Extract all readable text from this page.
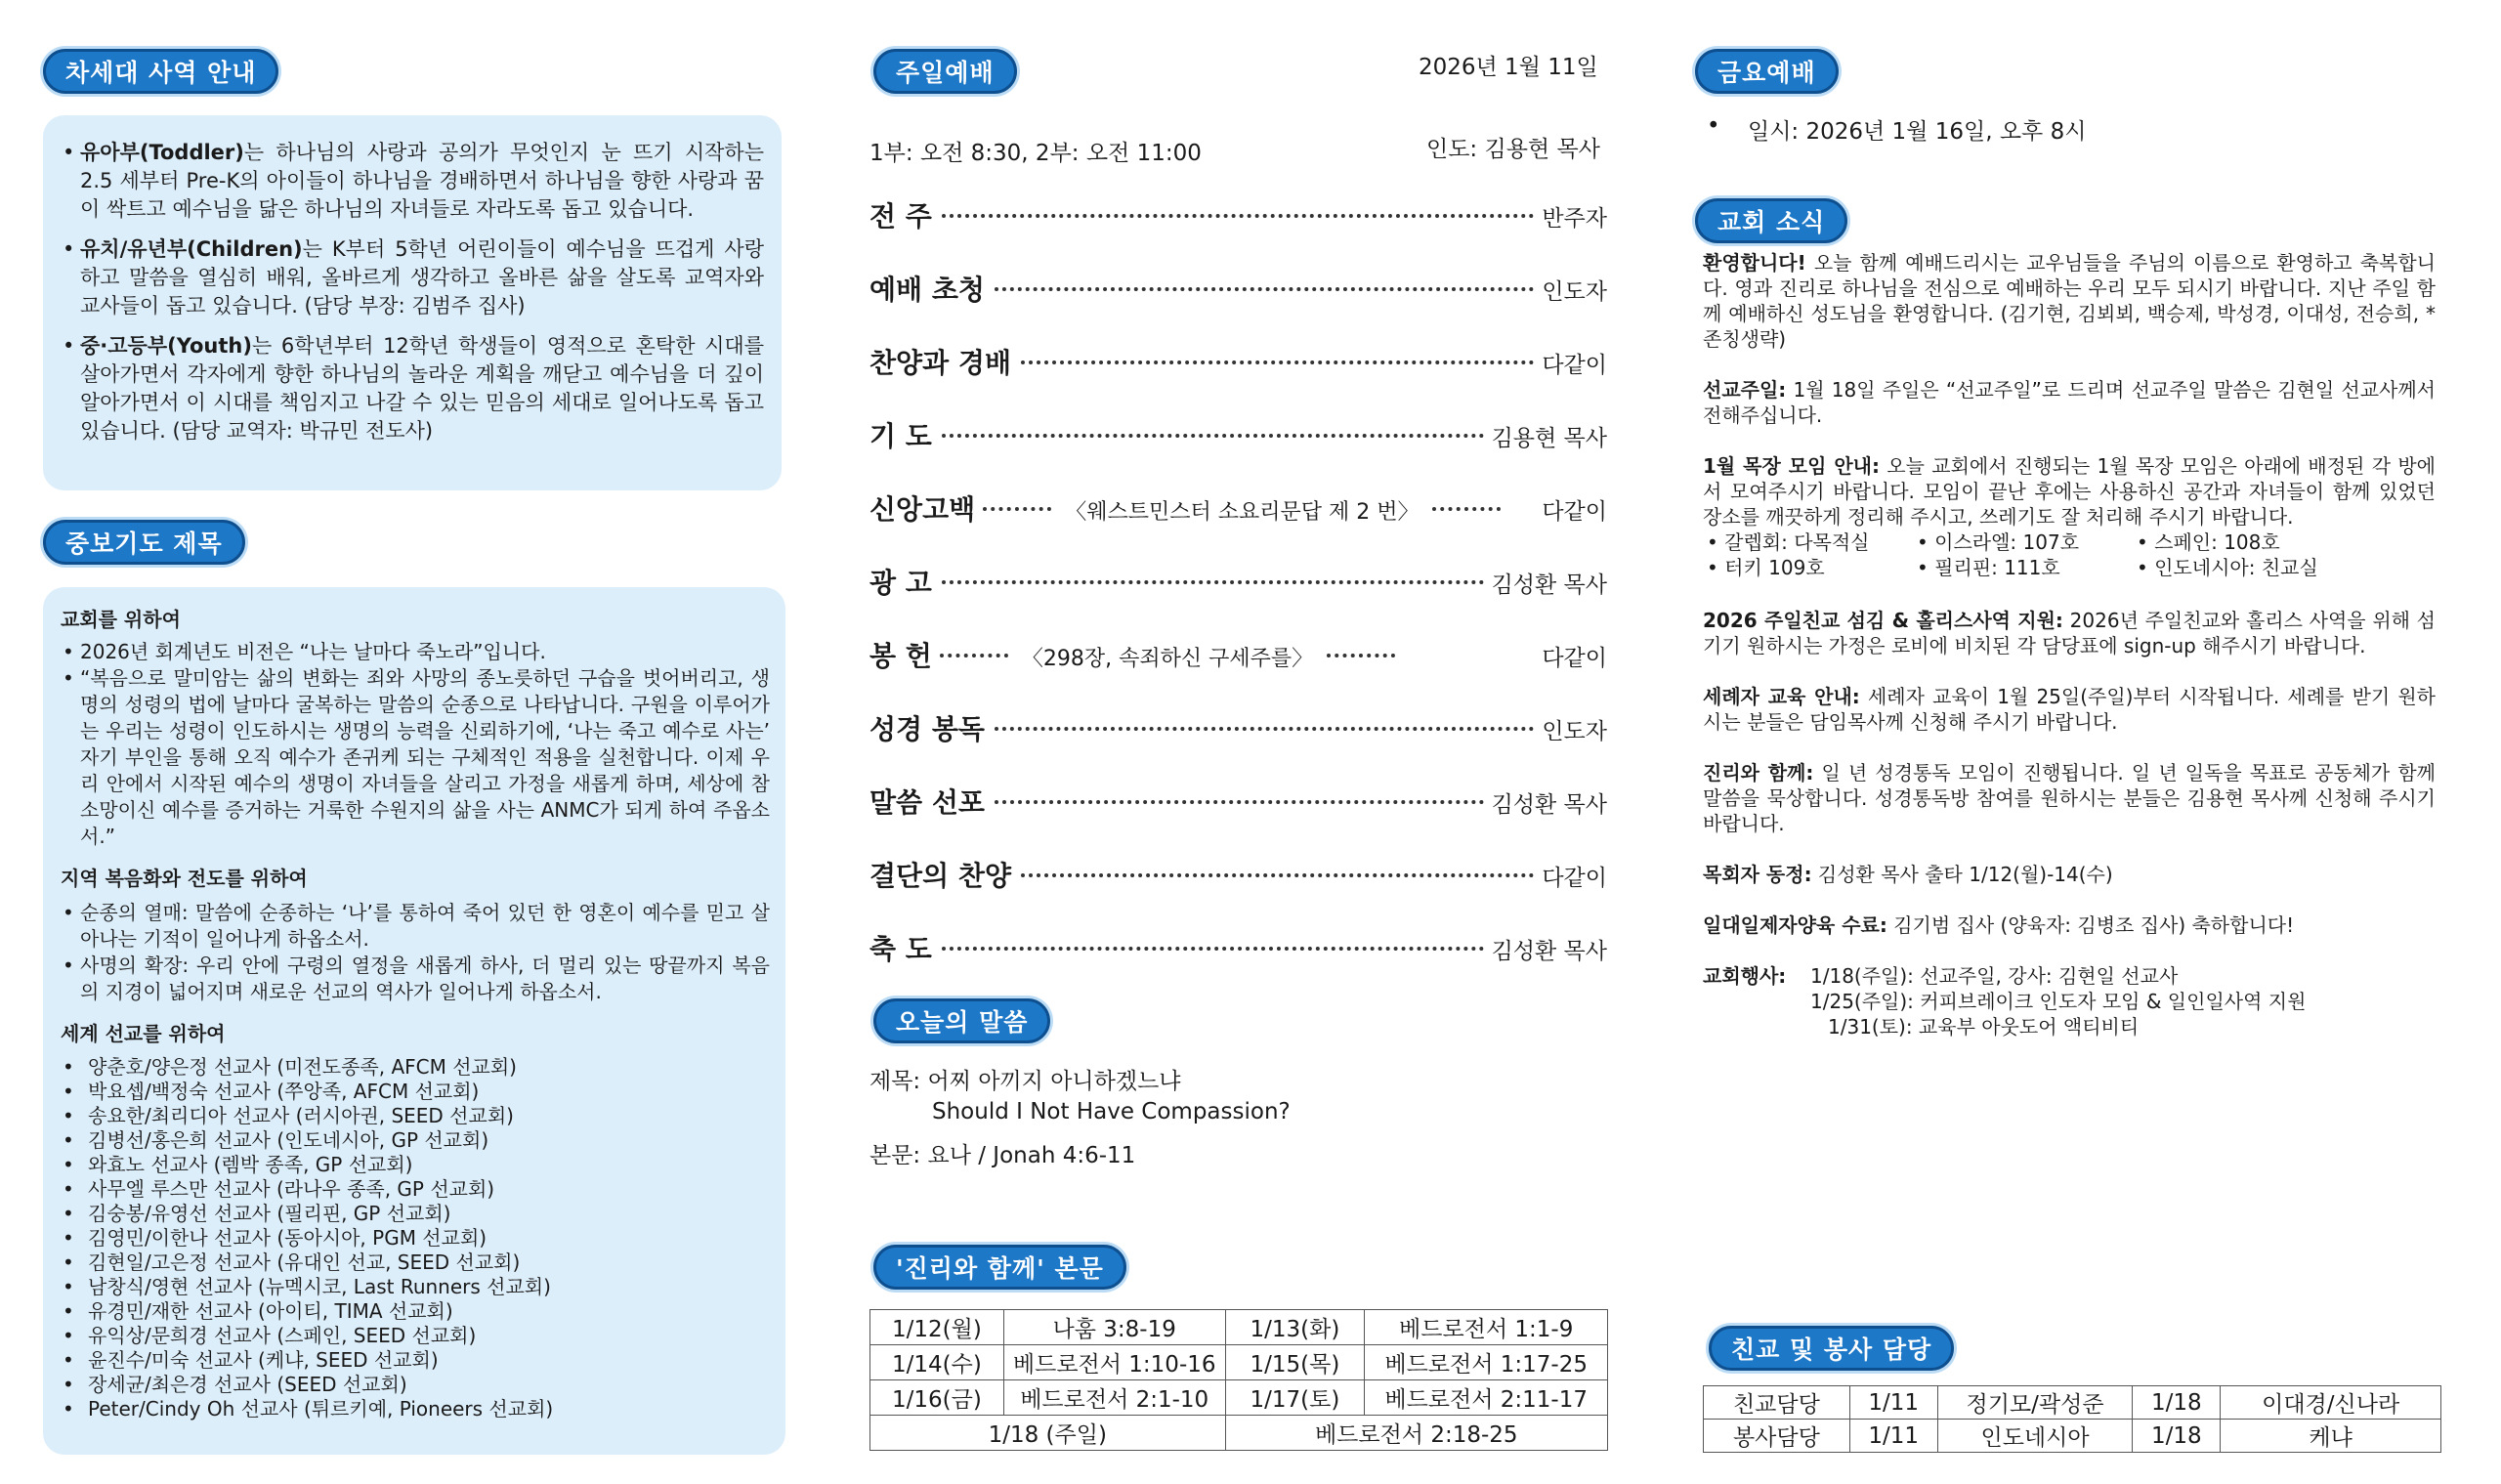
차세대 사역 안내
• 유아부(Toddler)는 하나님의 사랑과 공의가 무엇인지 눈 뜨기 시작하는 2.5 세부터 Pre-K의 아이들이 하나님을 경배하면서 하나님을 향한 사랑과 꿈이 싹트고 예수님을 닮은 하나님의 자녀들로 자라도록 돕고 있습니다.
• 유치/유년부(Children)는 K부터 5학년 어린이들이 예수님을 뜨겁게 사랑하고 말씀을 열심히 배워, 올바르게 생각하고 올바른 삶을 살도록 교역자와 교사들이 돕고 있습니다. (담당 부장: 김범주 집사)
• 중·고등부(Youth)는 6학년부터 12학년 학생들이 영적으로 혼탁한 시대를 살아가면서 각자에게 향한 하나님의 놀라운 계획을 깨닫고 예수님을 더 깊이 알아가면서 이 시대를 책임지고 나갈 수 있는 믿음의 세대로 일어나도록 돕고 있습니다. (담당 교역자: 박규민 전도사)
중보기도 제목
교회를 위하여
• 2026년 회계년도 비전은 “나는 날마다 죽노라”입니다.
• “복음으로 말미암는 삶의 변화는 죄와 사망의 종노릇하던 구습을 벗어버리고, 생명의 성령의 법에 날마다 굴복하는 말씀의 순종으로 나타납니다. 구원을 이루어가는 우리는 성령이 인도하시는 생명의 능력을 신뢰하기에, ‘나는 죽고 예수로 사는’ 자기 부인을 통해 오직 예수가 존귀케 되는 구체적인 적용을 실천합니다. 이제 우리 안에서 시작된 예수의 생명이 자녀들을 살리고 가정을 새롭게 하며, 세상에 참 소망이신 예수를 증거하는 거룩한 수원지의 삶을 사는 ANMC가 되게 하여 주옵소서.”
지역 복음화와 전도를 위하여
• 순종의 열매: 말씀에 순종하는 ‘나’를 통하여 죽어 있던 한 영혼이 예수를 믿고 살아나는 기적이 일어나게 하옵소서.
• 사명의 확장: 우리 안에 구령의 열정을 새롭게 하사, 더 멀리 있는 땅끝까지 복음의 지경이 넓어지며 새로운 선교의 역사가 일어나게 하옵소서.
세계 선교를 위하여
• 양춘호/양은정 선교사 (미전도종족, AFCM 선교회)
• 박요셉/백정숙 선교사 (쭈앙족, AFCM 선교회)
• 송요한/최리디아 선교사 (러시아권, SEED 선교회)
• 김병선/홍은희 선교사 (인도네시아, GP 선교회)
• 와효노 선교사 (렘박 종족, GP 선교회)
• 사무엘 루스만 선교사 (라나우 종족, GP 선교회)
• 김숭봉/유영선 선교사 (필리핀, GP 선교회)
• 김영민/이한나 선교사 (동아시아, PGM 선교회)
• 김현일/고은정 선교사 (유대인 선교, SEED 선교회)
• 남창식/영현 선교사 (뉴멕시코, Last Runners 선교회)
• 유경민/재한 선교사 (아이티, TIMA 선교회)
• 유익상/문희경 선교사 (스페인, SEED 선교회)
• 윤진수/미숙 선교사 (케냐, SEED 선교회)
• 장세균/최은경 선교사 (SEED 선교회)
• Peter/Cindy Oh 선교사 (튀르키예, Pioneers 선교회)
주일예배	2026년 1월 11일
1부: 오전 8:30, 2부: 오전 11:00	인도: 김용현 목사
전 주	반주자
예배 초청	인도자
찬양과 경배	다같이
기 도	김용현 목사
신앙고백	〈웨스트민스터 소요리문답 제 2 번〉	다같이
광 고	김성환 목사
봉 헌	〈298장, 속죄하신 구세주를〉	다같이
성경 봉독	인도자
말씀 선포	김성환 목사
결단의 찬양	다같이
축 도	김성환 목사
오늘의 말씀
제목: 어찌 아끼지 아니하겠느냐
Should I Not Have Compassion?
본문: 요나 / Jonah 4:6-11
'진리와 함께' 본문
1/12(월)	나훔 3:8-19	1/13(화)	베드로전서 1:1-9
1/14(수)	베드로전서 1:10-16	1/15(목)	베드로전서 1:17-25
1/16(금)	베드로전서 2:1-10	1/17(토)	베드로전서 2:11-17
1/18 (주일)		베드로전서 2:18-25	
금요예배
• 일시: 2026년 1월 16일, 오후 8시
교회 소식
환영합니다! 오늘 함께 예배드리시는 교우님들을 주님의 이름으로 환영하고 축복합니다. 영과 진리로 하나님을 전심으로 예배하는 우리 모두 되시기 바랍니다. 지난 주일 함께 예배하신 성도님을 환영합니다. (김기현, 김뵈뵈, 백승제, 박성경, 이대성, 전승희, *존칭생략)
선교주일: 1월 18일 주일은 “선교주일”로 드리며 선교주일 말씀은 김현일 선교사께서 전해주십니다.
1월 목장 모임 안내: 오늘 교회에서 진행되는 1월 목장 모임은 아래에 배정된 각 방에서 모여주시기 바랍니다. 모임이 끝난 후에는 사용하신 공간과 자녀들이 함께 있었던 장소를 깨끗하게 정리해 주시고, 쓰레기도 잘 처리해 주시기 바랍니다.
• 갈렙회: 다목적실	• 이스라엘: 107호	• 스페인: 108호
• 터키 109호	• 필리핀: 111호	• 인도네시아: 친교실
2026 주일친교 섬김 & 홀리스사역 지원: 2026년 주일친교와 홀리스 사역을 위해 섬기기 원하시는 가정은 로비에 비치된 각 담당표에 sign-up 해주시기 바랍니다.
세례자 교육 안내: 세례자 교육이 1월 25일(주일)부터 시작됩니다. 세례를 받기 원하시는 분들은 담임목사께 신청해 주시기 바랍니다.
진리와 함께: 일 년 성경통독 모임이 진행됩니다. 일 년 일독을 목표로 공동체가 함께 말씀을 묵상합니다. 성경통독방 참여를 원하시는 분들은 김용현 목사께 신청해 주시기 바랍니다.
목회자 동정: 김성환 목사 출타 1/12(월)-14(수)
일대일제자양육 수료: 김기범 집사 (양육자: 김병조 집사) 축하합니다!
교회행사:	1/18(주일): 선교주일, 강사: 김현일 선교사
1/25(주일): 커피브레이크 인도자 모임 & 일인일사역 지원
1/31(토): 교육부 아웃도어 액티비티
친교 및 봉사 담당
친교담당	1/11	정기모/곽성준	1/18	이대경/신나라
봉사담당	1/11	인도네시아	1/18	케냐
